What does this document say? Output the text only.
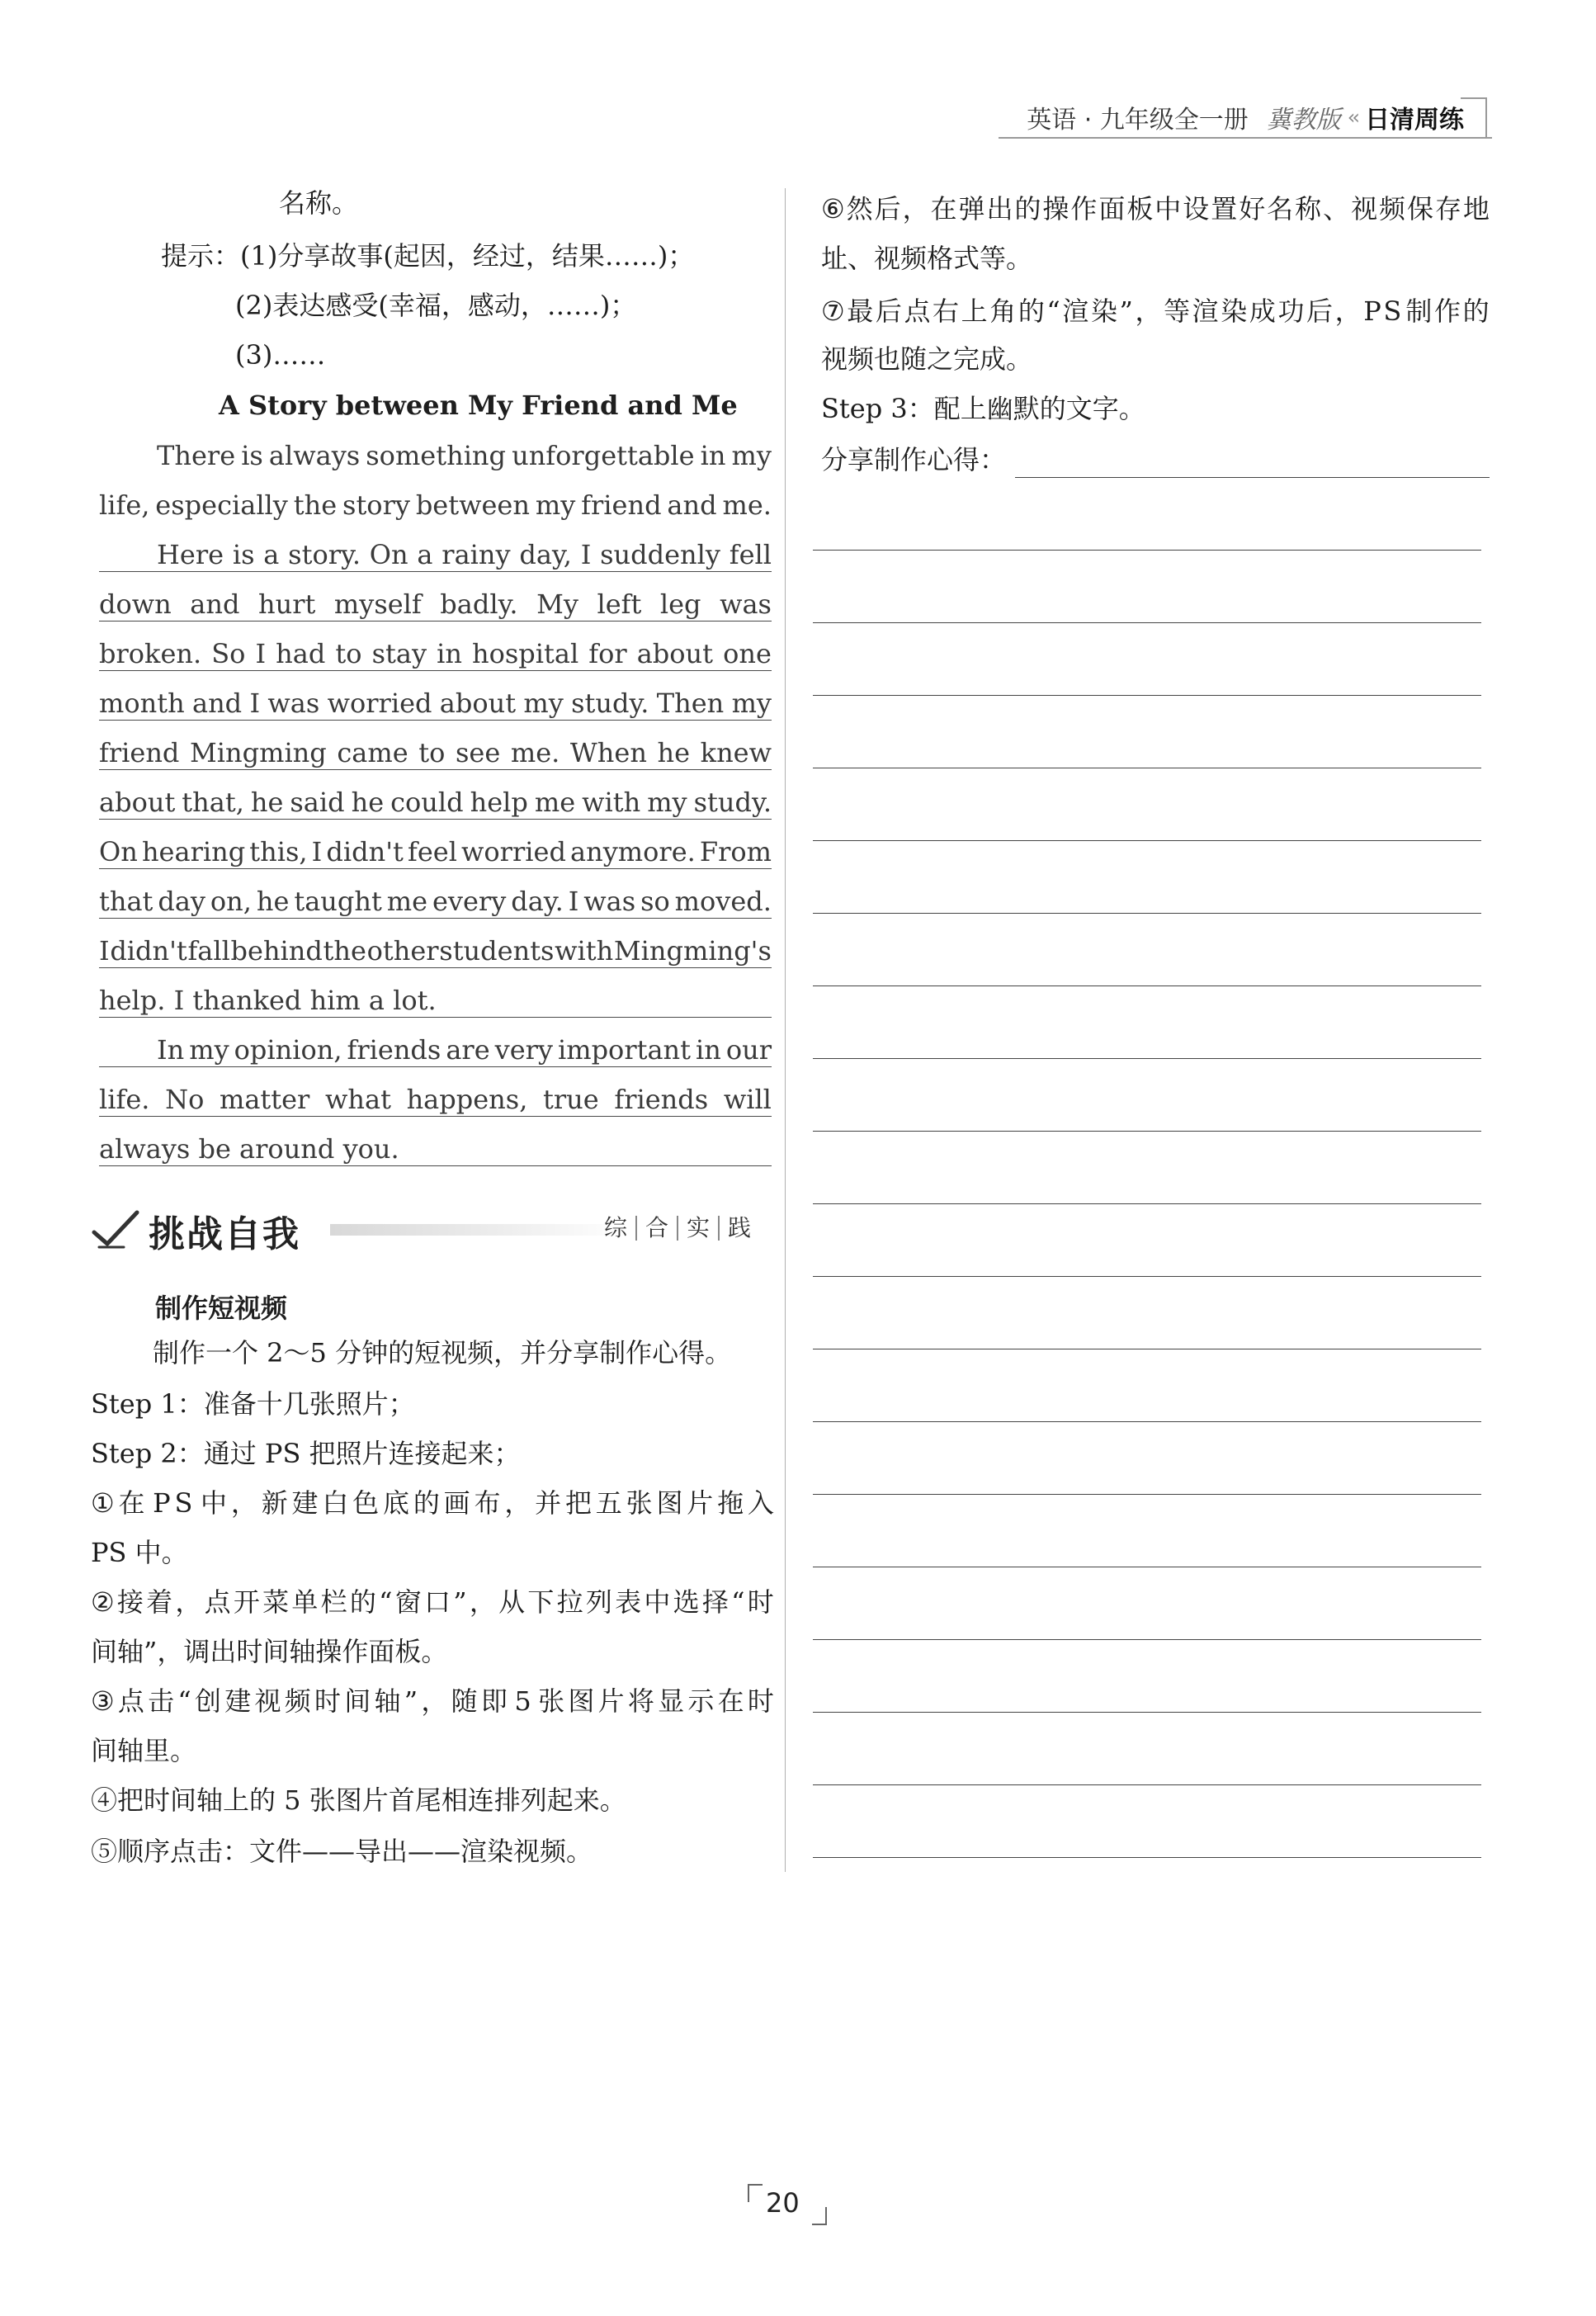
英语 · 九年级全一册 冀教版 ‹‹ 日清周练
名称。
提示：(1)分享故事(起因，经过，结果……)；
(2)表达感受(幸福，感动，……)；
(3)……
A Story between My Friend and Me
There is always something unforgettable in my
life, especially the story between my friend and me.
Here is a story. On a rainy day, I suddenly fell
down and hurt myself badly. My left leg was
broken. So I had to stay in hospital for about one
month and I was worried about my study. Then my
friend Mingming came to see me. When he knew
about that, he said he could help me with my study.
On hearing this, I didn't feel worried anymore. From
that day on, he taught me every day. I was so moved.
I didn't fall behind the other students with Mingming's
help. I thanked him a lot.
In my opinion, friends are very important in our
life. No matter what happens, true friends will
always be around you.
挑战自我	综 合 实 践
制作短视频
制作一个 2～5 分钟的短视频，并分享制作心得。
Step 1：准备十几张照片；
Step 2：通过 PS 把照片连接起来；
① 在 P S 中 ， 新 建 白 色 底 的 画 布 ， 并 把 五 张 图 片 拖 入
PS 中。
② 接 着 ， 点 开 菜 单 栏 的 “ 窗 口 ” ， 从 下 拉 列 表 中 选 择 “ 时
间轴”，调出时间轴操作面板。
③ 点 击 “ 创 建 视 频 时 间 轴 ” ， 随 即 5 张 图 片 将 显 示 在 时
间轴里。
④把时间轴上的 5 张图片首尾相连排列起来。
⑤顺序点击：文件——导出——渲染视频。
⑥ 然 后 ， 在 弹 出 的 操 作 面 板 中 设 置 好 名 称 、 视 频 保 存 地
址、视频格式等。
⑦ 最 后 点 右 上 角 的 “ 渲 染 ” ， 等 渲 染 成 功 后 ， P S 制 作 的
视频也随之完成。
Step 3：配上幽默的文字。
分享制作心得：
20
